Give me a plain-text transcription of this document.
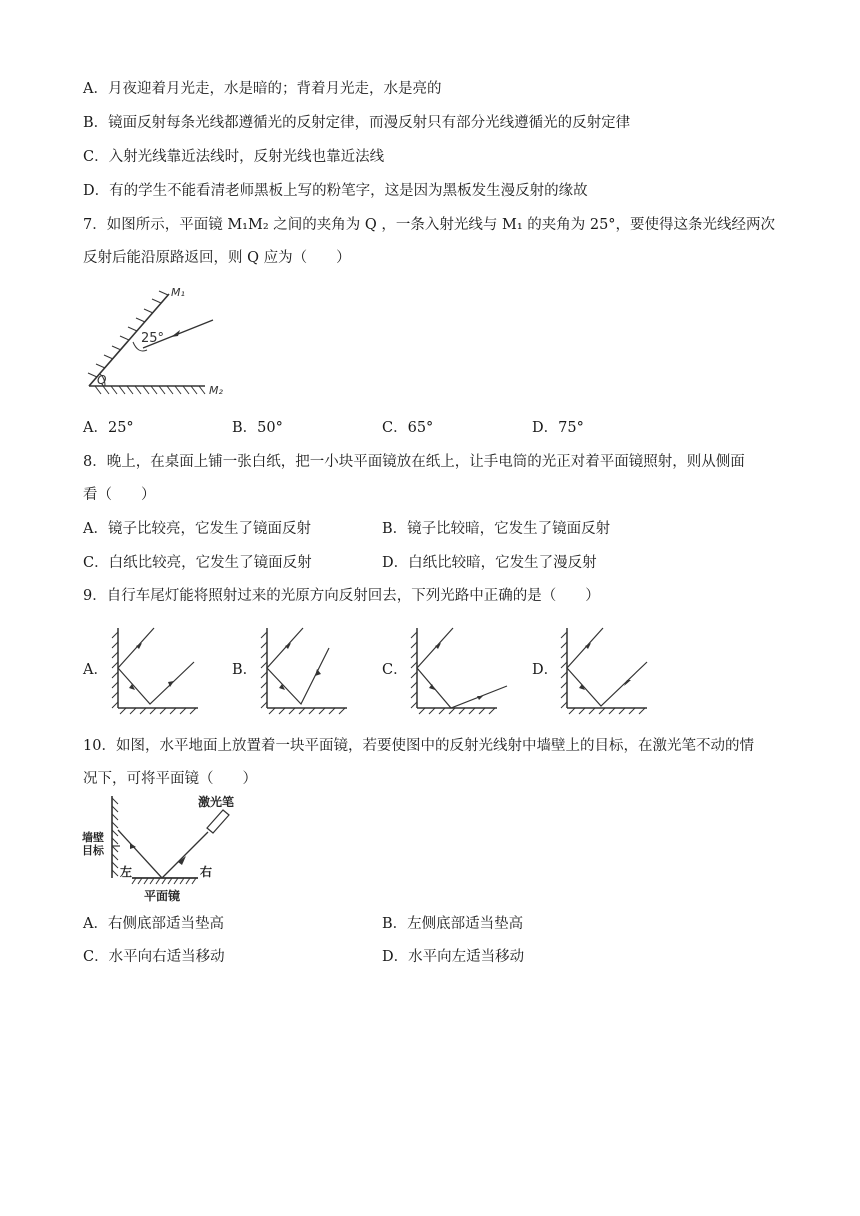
A．月夜迎着月光走，水是暗的；背着月光走，水是亮的
B．镜面反射每条光线都遵循光的反射定律，而漫反射只有部分光线遵循光的反射定律
C．入射光线靠近法线时，反射光线也靠近法线
D．有的学生不能看清老师黑板上写的粉笔字，这是因为黑板发生漫反射的缘故
7．如图所示，平面镜 M₁M₂ 之间的夹角为 Q ，一条入射光线与 M₁ 的夹角为 25°，要使得这条光线经两次
反射后能沿原路返回，则 Q 应为（　　）
25°
Q
M₁
M₂
A．25°	B．50°	C．65°	D．75°
8．晚上，在桌面上铺一张白纸，把一小块平面镜放在纸上，让手电筒的光正对着平面镜照射，则从侧面
看（　　）
A．镜子比较亮，它发生了镜面反射	B．镜子比较暗，它发生了镜面反射
C．白纸比较亮，它发生了镜面反射	D．白纸比较暗，它发生了漫反射
9．自行车尾灯能将照射过来的光原方向反射回去，下列光路中正确的是（　　）
A．	B．	C．	D．
10．如图，水平地面上放置着一块平面镜，若要使图中的反射光线射中墙壁上的目标，在激光笔不动的情
况下，可将平面镜（　　）
激光笔
墙壁
目标
左	右
平面镜
A．右侧底部适当垫高	B．左侧底部适当垫高
C．水平向右适当移动	D．水平向左适当移动
